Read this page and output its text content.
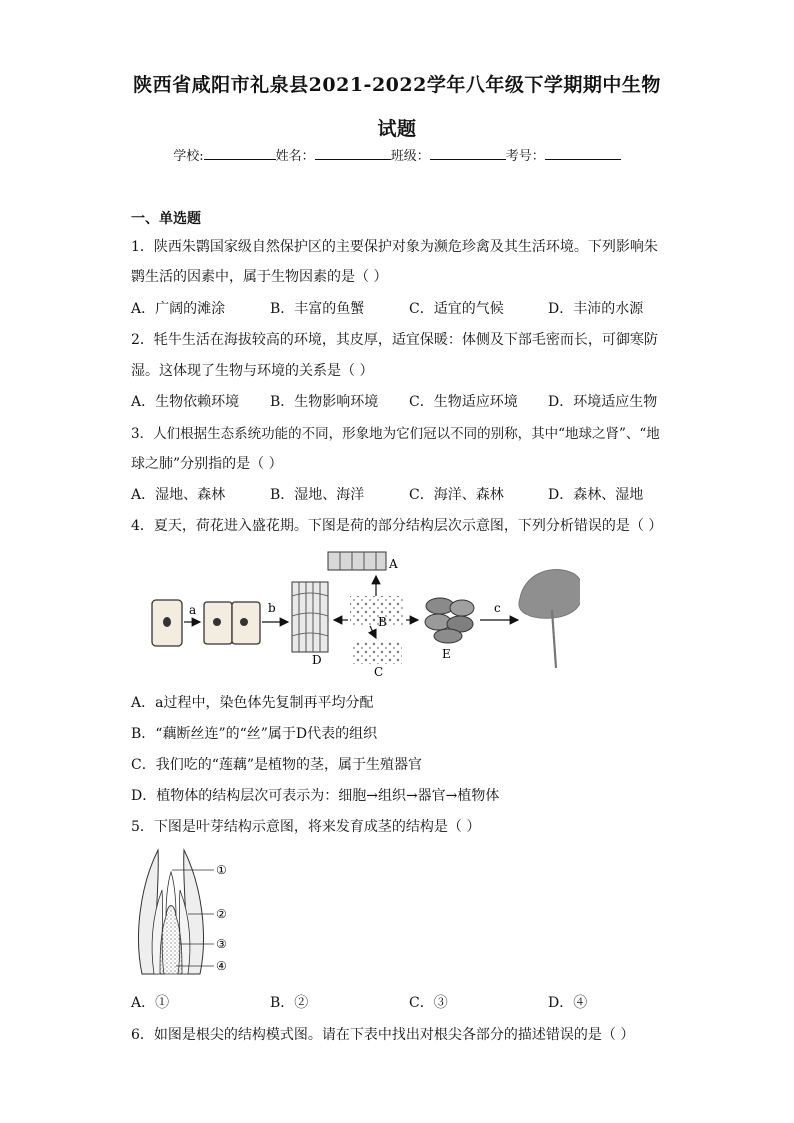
陕西省咸阳市礼泉县2021-2022学年八年级下学期期中生物
试题
学校:	姓名：	班级：	考号：
一、单选题
1．陕西朱鹮国家级自然保护区的主要保护对象为濒危珍禽及其生活环境。下列影响朱
鹮生活的因素中，属于生物因素的是（ ）
A．广阔的滩涂	B．丰富的鱼蟹	C．适宜的气候	D．丰沛的水源
2．牦牛生活在海拔较高的环境，其皮厚，适宜保暖：体侧及下部毛密而长，可御寒防
湿。这体现了生物与环境的关系是（ ）
A．生物依赖环境 B．生物影响环境 C．生物适应环境 D．环境适应生物
3．人们根据生态系统功能的不同，形象地为它们冠以不同的别称，其中“地球之肾”、“地
球之肺”分别指的是（ ）
A．湿地、森林	B．湿地、海洋	C．海洋、森林	D．森林、湿地
4．夏天，荷花进入盛花期。下图是荷的部分结构层次示意图，下列分析错误的是（ ）
a	b
D
A
B
C
E
c
A．a过程中，染色体先复制再平均分配
B．“藕断丝连”的“丝”属于D代表的组织
C．我们吃的“莲藕”是植物的茎，属于生殖器官
D．植物体的结构层次可表示为：细胞→组织→器官→植物体
5．下图是叶芽结构示意图，将来发育成茎的结构是（ ）
①
②
③
④
A．①	B．②	C．③	D．④
6．如图是根尖的结构模式图。请在下表中找出对根尖各部分的描述错误的是（ ）
